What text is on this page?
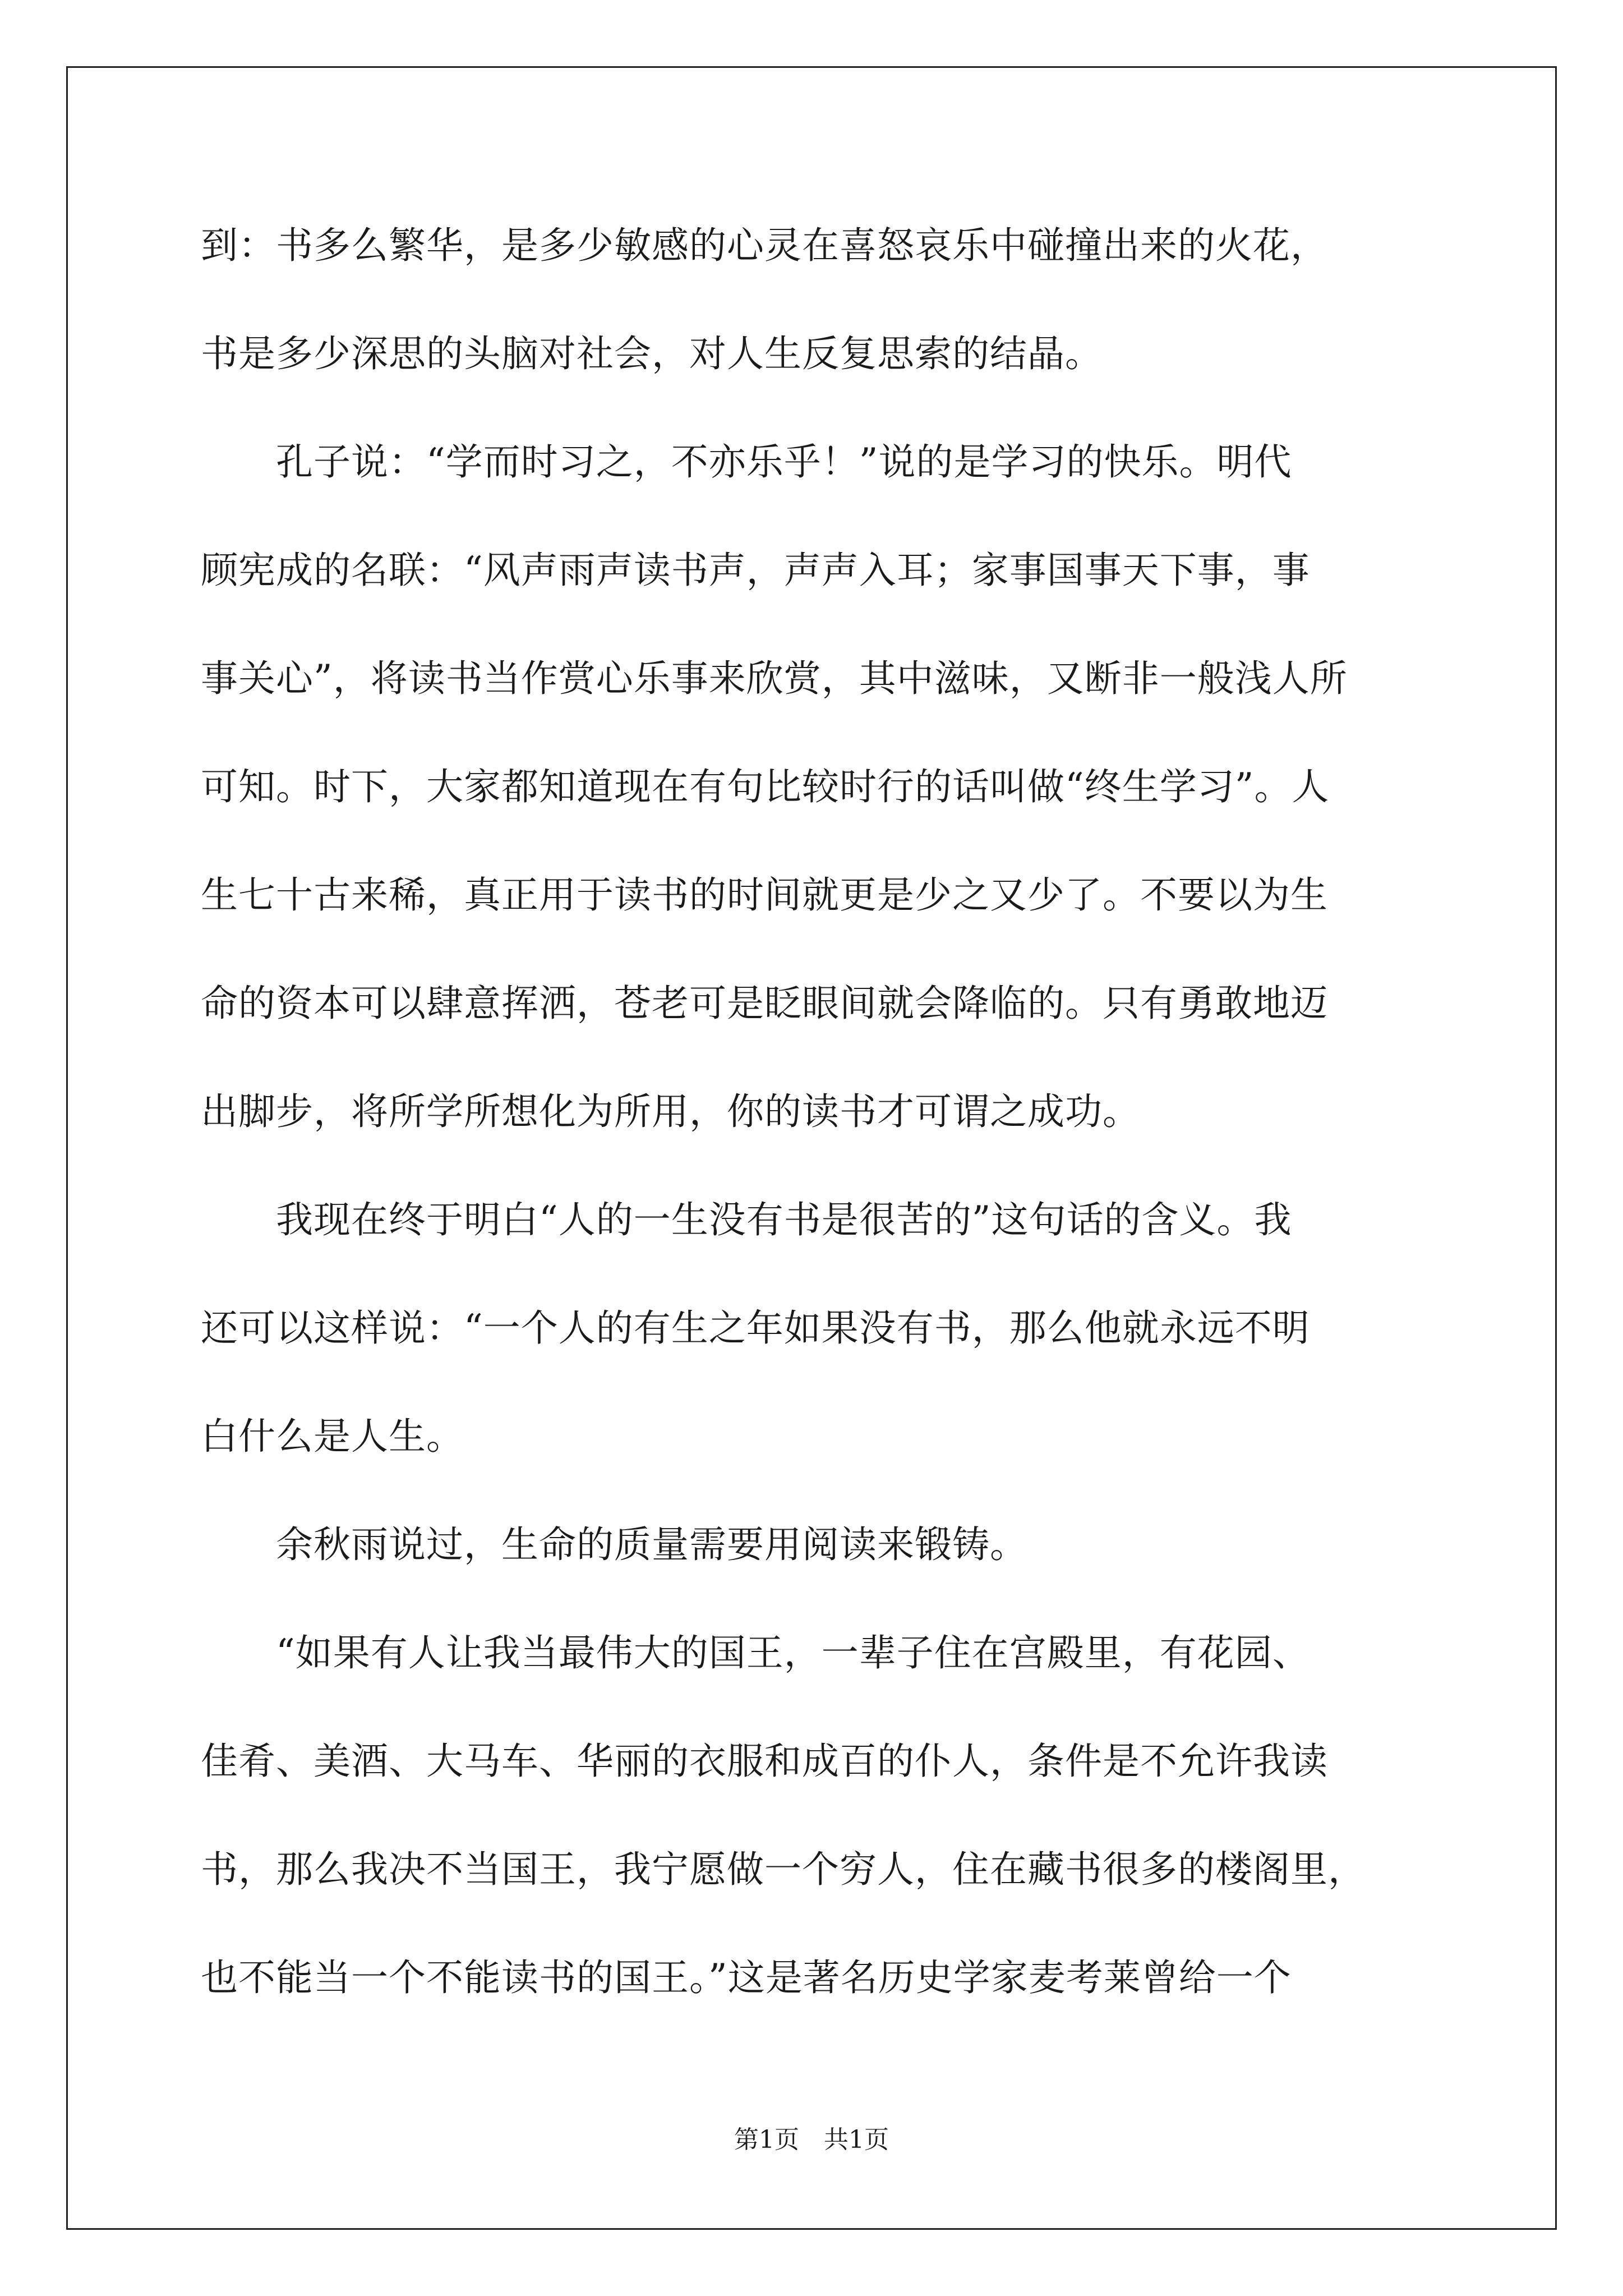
到：书多么繁华，是多少敏感的心灵在喜怒哀乐中碰撞出来的火花，
书是多少深思的头脑对社会，对人生反复思索的结晶。
　　孔子说：“学而时习之，不亦乐乎！”说的是学习的快乐。明代
顾宪成的名联：“风声雨声读书声，声声入耳；家事国事天下事，事
事关心”，将读书当作赏心乐事来欣赏，其中滋味，又断非一般浅人所
可知。时下，大家都知道现在有句比较时行的话叫做“终生学习”。人
生七十古来稀，真正用于读书的时间就更是少之又少了。不要以为生
命的资本可以肆意挥洒，苍老可是眨眼间就会降临的。只有勇敢地迈
出脚步，将所学所想化为所用，你的读书才可谓之成功。
　　我现在终于明白“人的一生没有书是很苦的”这句话的含义。我
还可以这样说：“一个人的有生之年如果没有书，那么他就永远不明
白什么是人生。
　　余秋雨说过，生命的质量需要用阅读来锻铸。
　　“如果有人让我当最伟大的国王，一辈子住在宫殿里，有花园、
佳肴、美酒、大马车、华丽的衣服和成百的仆人，条件是不允许我读
书，那么我决不当国王，我宁愿做一个穷人，住在藏书很多的楼阁里，
也不能当一个不能读书的国王。”这是著名历史学家麦考莱曾给一个
第1页　共1页
